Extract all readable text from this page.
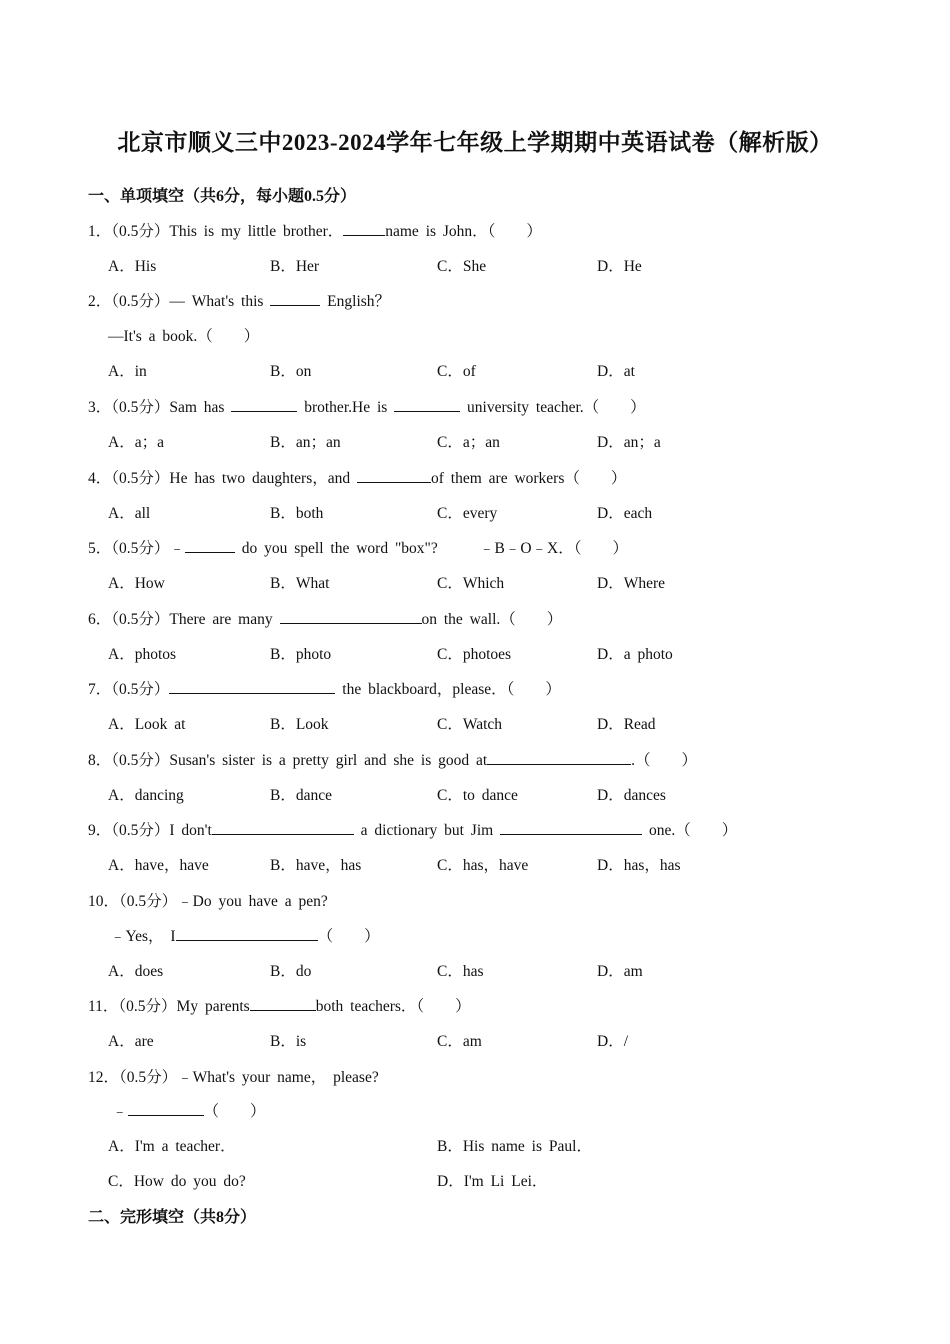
北京市顺义三中2023-2024学年七年级上学期期中英语试卷（解析版）
一、单项填空（共6分，每小题0.5分）
1．（0.5分）This is my little brother．	name is John．（　　）
A．His	B．Her	C．She	D．He
2．（0.5分）— What's this	English？
—It's a book.（　　）
A．in	B．on	C．of	D．at
3．（0.5分）Sam has	brother.He is	university teacher.（　　）
A．a；a	B．an；an	C．a；an	D．an；a
4．（0.5分）He has two daughters，and	of them are workers（　　）
A．all	B．both	C．every	D．each
5．（0.5分）﹣	do you spell the word "box"?	﹣B﹣O﹣X．（　　）
A．How	B．What	C．Which	D．Where
6．（0.5分）There are many	on the wall.（　　）
A．photos	B．photo	C．photoes	D．a photo
7．（0.5分）	the blackboard，please．（　　）
A．Look at	B．Look	C．Watch	D．Read
8．（0.5分）Susan's sister is a pretty girl and she is good at	.（　　）
A．dancing	B．dance	C．to dance	D．dances
9．（0.5分）I don't	a dictionary but Jim	one.（　　）
A．have，have	B．have，has	C．has，have	D．has，has
10．（0.5分）﹣Do you have a pen?
﹣Yes， I	（　　）
A．does	B．do	C．has	D．am
11．（0.5分）My parents	both teachers．（　　）
A．are	B．is	C．am	D．/
12．（0.5分）﹣What's your name， please?
﹣	（　　）
A．I'm a teacher．	B．His name is Paul．
C．How do you do?	D．I'm Li Lei．
二、完形填空（共8分）
